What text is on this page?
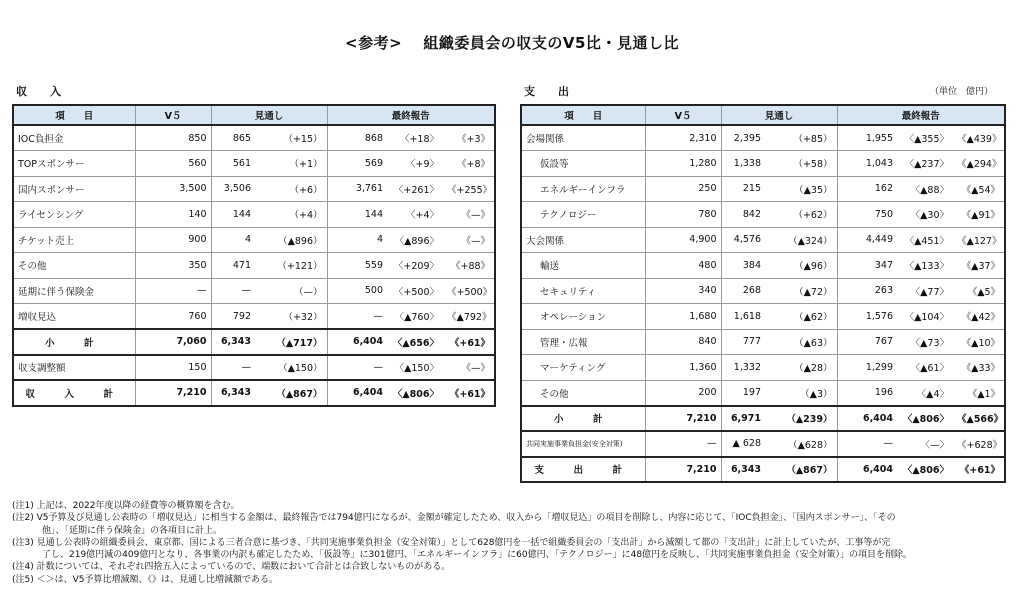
<参考>　 組織委員会の収支のV5比・見通し比
収　入	支　出	（単位　億円）
項　　目	V５	見通し		最終報告		
IOC負担金	850	865	（+15）	868	〈+18〉	《+3》
TOPスポンサー	560	561	（+1）	569	〈+9〉	《+8》
国内スポンサー	3,500	3,506	（+6）	3,761	〈+261〉	《+255》
ライセンシング	140	144	（+4）	144	〈+4〉	《—》
チケット売上	900	4	（▲896）	4	〈▲896〉	《—》
その他	350	471	（+121）	559	〈+209〉	《+88》
延期に伴う保険金	—	—	（—）	500	〈+500〉	《+500》
増収見込	760	792	（+32）	—	〈▲760〉	《▲792》
小　計	7,060	6,343	（▲717）	6,404	〈▲656〉	《+61》
収支調整額	150	—	（▲150）	—	〈▲150〉	《—》
収　入　計	7,210	6,343	（▲867）	6,404	〈▲806〉	《+61》
項　　目	V５	見通し		最終報告		
会場関係	2,310	2,395	（+85）	1,955	〈▲355〉	《▲439》
仮設等	1,280	1,338	（+58）	1,043	〈▲237〉	《▲294》
エネルギーインフラ	250	215	（▲35）	162	〈▲88〉	《▲54》
テクノロジー	780	842	（+62）	750	〈▲30〉	《▲91》
大会関係	4,900	4,576	（▲324）	4,449	〈▲451〉	《▲127》
輸送	480	384	（▲96）	347	〈▲133〉	《▲37》
セキュリティ	340	268	（▲72）	263	〈▲77〉	《▲5》
オペレーション	1,680	1,618	（▲62）	1,576	〈▲104〉	《▲42》
管理・広報	840	777	（▲63）	767	〈▲73〉	《▲10》
マーケティング	1,360	1,332	（▲28）	1,299	〈▲61〉	《▲33》
その他	200	197	（▲3）	196	〈▲4〉	《▲1》
小　計	7,210	6,971	（▲239）	6,404	〈▲806〉	《▲566》
共同実施事業負担金(安全対策)	—	▲ 628	（▲628）	—	〈—〉	《+628》
支　出　計	7,210	6,343	（▲867）	6,404	〈▲806〉	《+61》
(注1) 上記は、2022年度以降の経費等の概算額を含む。
(注2) V5予算及び見通し公表時の「増収見込」に相当する金額は、最終報告では794億円になるが、金額が確定したため、収入から「増収見込」の項目を削除し、内容に応じて、「IOC負担金」、「国内スポンサー」、「その
他」、「延期に伴う保険金」の各項目に計上。
(注3) 見通し公表時の組織委員会、東京都、国による三者合意に基づき、「共同実施事業負担金（安全対策）」として628億円を一括で組織委員会の「支出計」から減額して都の「支出計」に計上していたが、工事等が完
了し、219億円減の409億円となり、各事業の内訳も確定したため、「仮設等」に301億円、「エネルギーインフラ」に60億円、「テクノロジー」に48億円を反映し、「共同実施事業負担金（安全対策）」の項目を削除。
(注4) 計数については、それぞれ四捨五入によっているので、端数において合計とは合致しないものがある。
(注5) ＜＞は、V5予算比増減額、《》は、見通し比増減額である。
